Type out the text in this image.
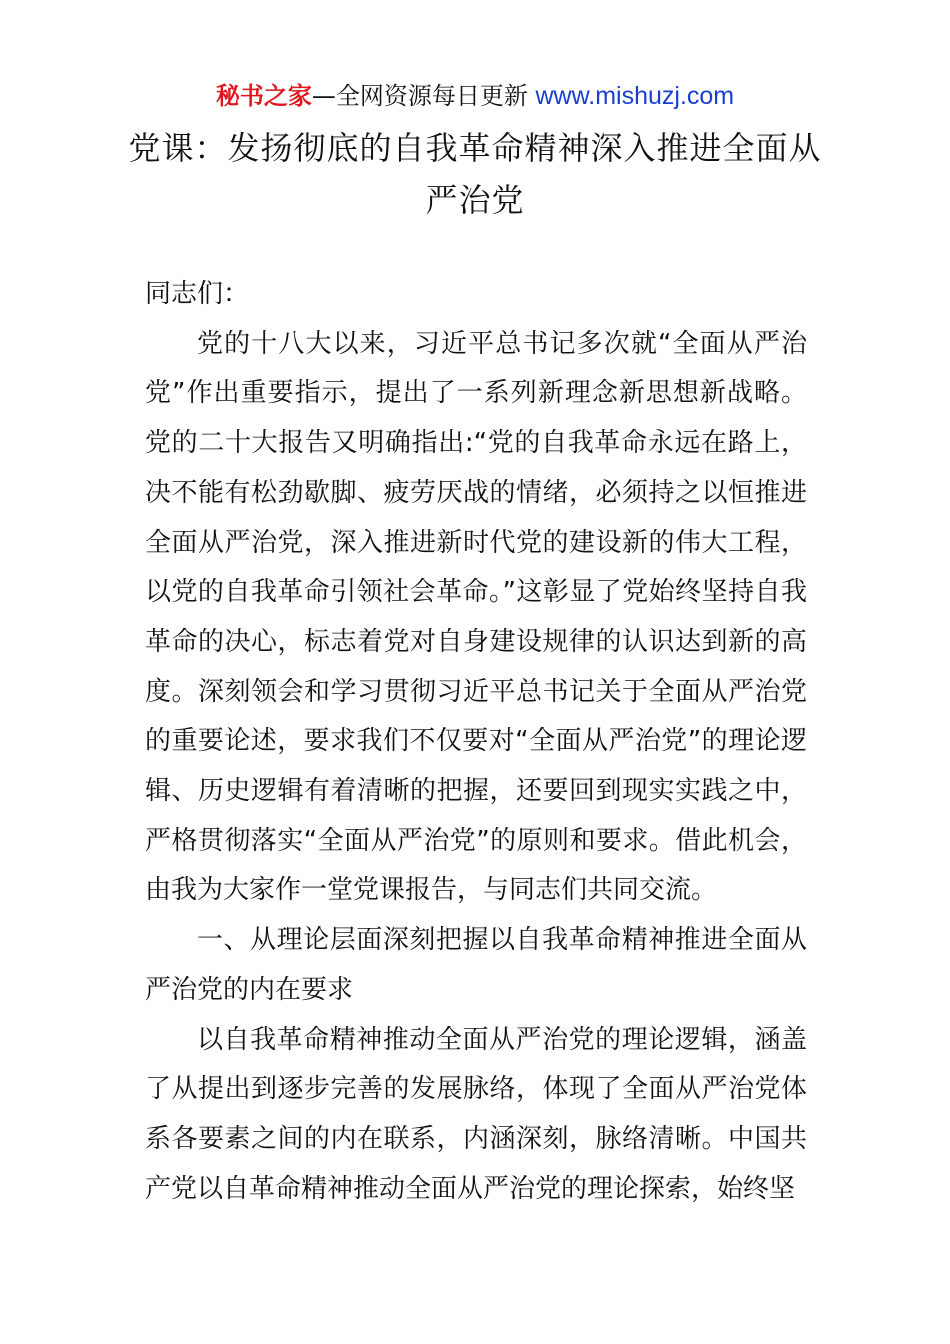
秘书之家—全网资源每日更新 www.mishuzj.com
党课：发扬彻底的自我革命精神深入推进全面从严治党

同志们：

党的十八大以来，习近平总书记多次就“全面从严治党”作出重要指示，提出了一系列新理念新思想新战略。党的二十大报告又明确指出:“党的自我革命永远在路上，决不能有松劲歇脚、疲劳厌战的情绪，必须持之以恒推进全面从严治党，深入推进新时代党的建设新的伟大工程，以党的自我革命引领社会革命。”这彰显了党始终坚持自我革命的决心，标志着党对自身建设规律的认识达到新的高度。深刻领会和学习贯彻习近平总书记关于全面从严治党的重要论述，要求我们不仅要对“全面从严治党”的理论逻辑、历史逻辑有着清晰的把握，还要回到现实实践之中，严格贯彻落实“全面从严治党”的原则和要求。借此机会，由我为大家作一堂党课报告，与同志们共同交流。

一、从理论层面深刻把握以自我革命精神推进全面从严治党的内在要求

以自我革命精神推动全面从严治党的理论逻辑，涵盖了从提出到逐步完善的发展脉络，体现了全面从严治党体系各要素之间的内在联系，内涵深刻，脉络清晰。中国共产党以自革命精神推动全面从严治党的理论探索，始终坚
